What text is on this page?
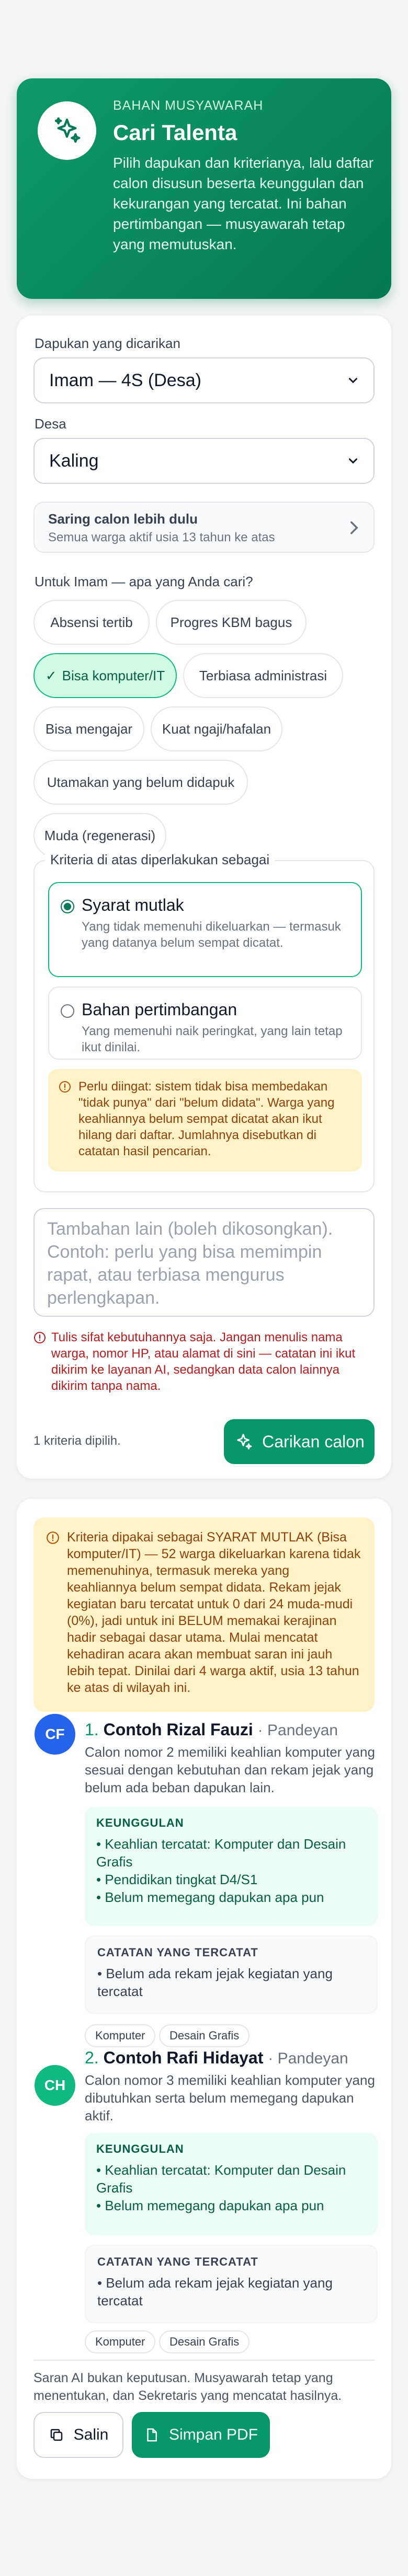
BAHAN MUSYAWARAH
Cari Talenta
Pilih dapukan dan kriterianya, lalu daftar calon disusun beserta keunggulan dan kekurangan yang tercatat. Ini bahan pertimbangan — musyawarah tetap yang memutuskan.
Dapukan yang dicarikan
Imam — 4S (Desa)
Desa
Kaling
Saring calon lebih dulu
Semua warga aktif usia 13 tahun ke atas
Untuk Imam — apa yang Anda cari?
Absensi tertib	Progres KBM bagus
✓ Bisa komputer/IT	Terbiasa administrasi
Bisa mengajar Kuat ngaji/hafalan
Utamakan yang belum didapuk
Muda (regenerasi)
Kriteria di atas diperlakukan sebagai
Syarat mutlak
Yang tidak memenuhi dikeluarkan — termasuk yang datanya belum sempat dicatat.
Bahan pertimbangan
Yang memenuhi naik peringkat, yang lain tetap ikut dinilai.
Perlu diingat: sistem tidak bisa membedakan "tidak punya" dari "belum didata". Warga yang keahliannya belum sempat dicatat akan ikut hilang dari daftar. Jumlahnya disebutkan di catatan hasil pencarian.
Tambahan lain (boleh dikosongkan). Contoh: perlu yang bisa memimpin rapat, atau terbiasa mengurus perlengkapan.
Tulis sifat kebutuhannya saja. Jangan menulis nama warga, nomor HP, atau alamat di sini — catatan ini ikut dikirim ke layanan AI, sedangkan data calon lainnya dikirim tanpa nama.
1 kriteria dipilih.	Carikan calon
Kriteria dipakai sebagai SYARAT MUTLAK (Bisa komputer/IT) — 52 warga dikeluarkan karena tidak memenuhinya, termasuk mereka yang keahliannya belum sempat didata. Rekam jejak kegiatan baru tercatat untuk 0 dari 24 muda-mudi (0%), jadi untuk ini BELUM memakai kerajinan hadir sebagai dasar utama. Mulai mencatat kehadiran acara akan membuat saran ini jauh lebih tepat. Dinilai dari 4 warga aktif, usia 13 tahun ke atas di wilayah ini.
CF	1. Contoh Rizal Fauzi · Pandeyan
Calon nomor 2 memiliki keahlian komputer yang sesuai dengan kebutuhan dan rekam jejak yang belum ada beban dapukan lain.
KEUNGGULAN
• Keahlian tercatat: Komputer dan Desain Grafis
• Pendidikan tingkat D4/S1
• Belum memegang dapukan apa pun
CATATAN YANG TERCATAT
• Belum ada rekam jejak kegiatan yang tercatat
Komputer	Desain Grafis
CH
2. Contoh Rafi Hidayat · Pandeyan
Calon nomor 3 memiliki keahlian komputer yang dibutuhkan serta belum memegang dapukan aktif.
KEUNGGULAN
• Keahlian tercatat: Komputer dan Desain Grafis
• Belum memegang dapukan apa pun
CATATAN YANG TERCATAT
• Belum ada rekam jejak kegiatan yang tercatat
Komputer	Desain Grafis
Saran AI bukan keputusan. Musyawarah tetap yang menentukan, dan Sekretaris yang mencatat hasilnya.
Salin	Simpan PDF
